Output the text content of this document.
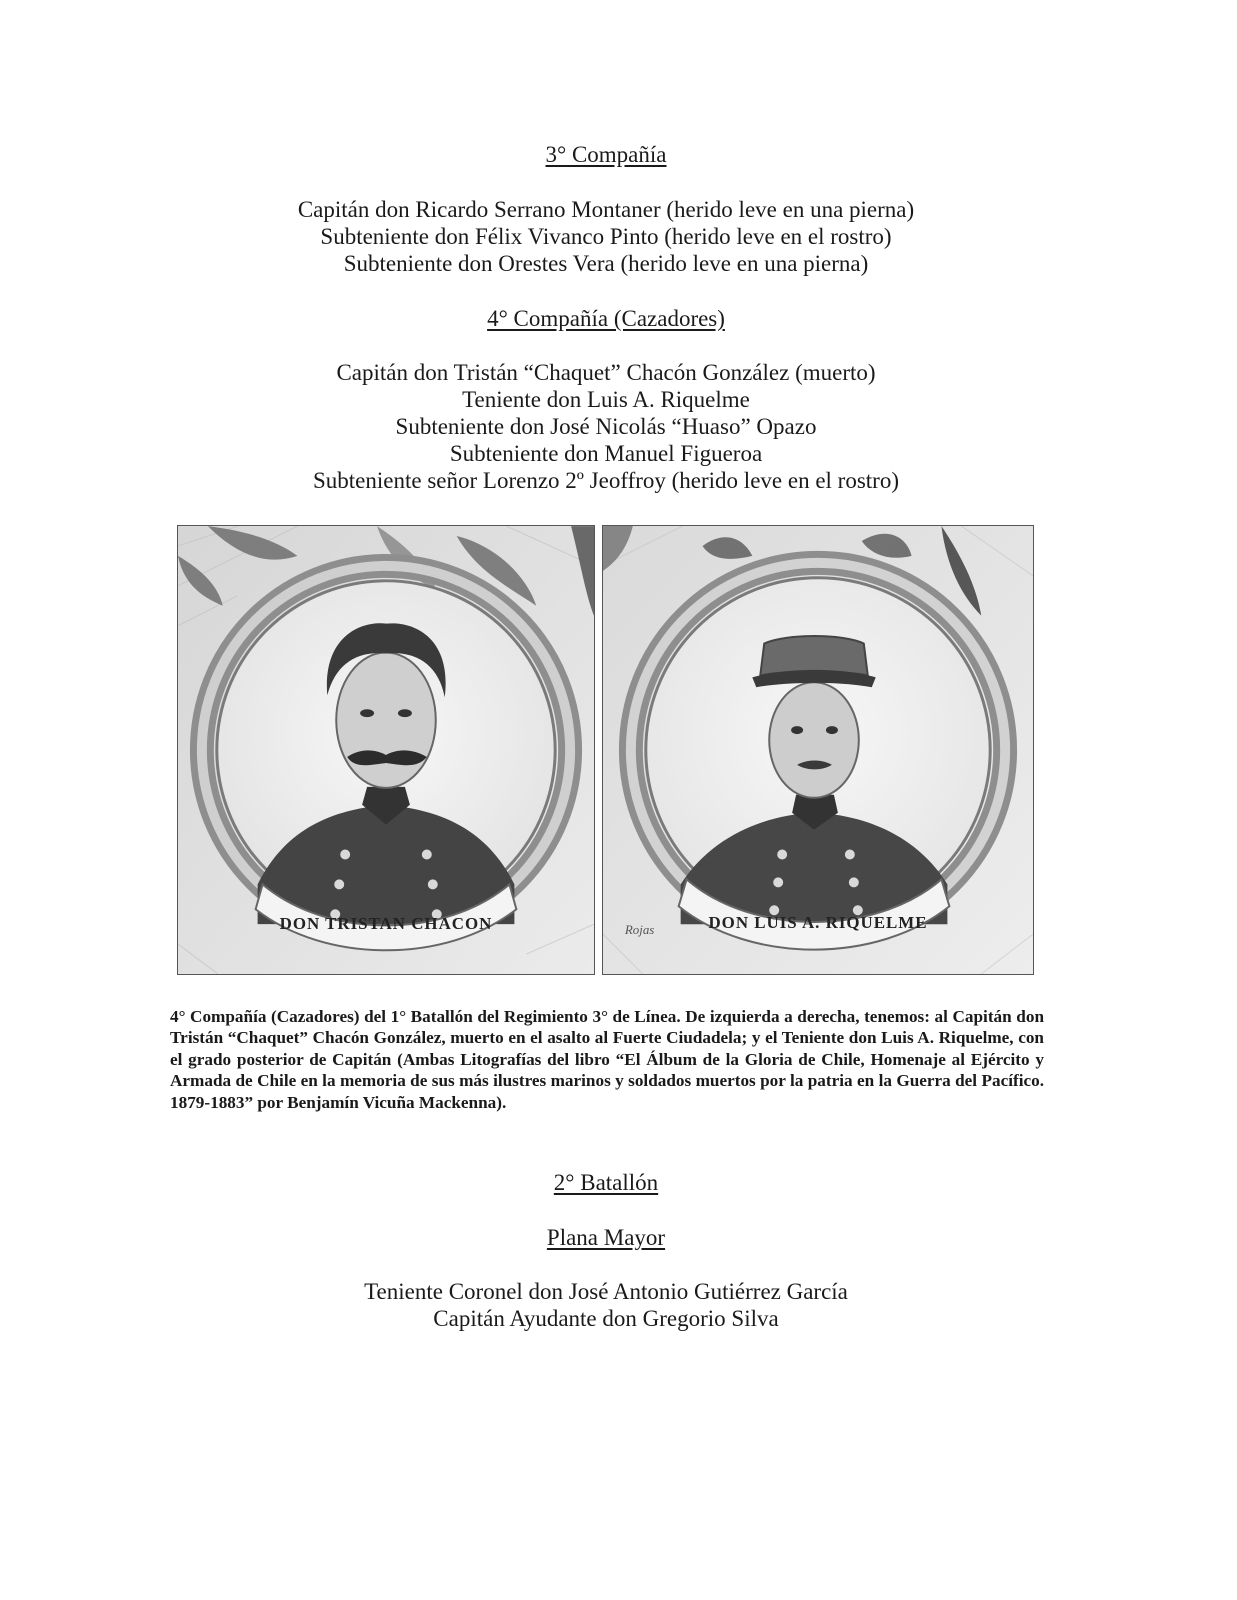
3° Compañía
Capitán don Ricardo Serrano Montaner (herido leve en una pierna)
Subteniente don Félix Vivanco Pinto (herido leve en el rostro)
Subteniente don Orestes Vera (herido leve en una pierna)
4° Compañía (Cazadores)
Capitán don Tristán “Chaquet” Chacón González (muerto)
Teniente don Luis A. Riquelme
Subteniente don José Nicolás “Huaso” Opazo
Subteniente don Manuel Figueroa
Subteniente señor Lorenzo 2º Jeoffroy (herido leve en el rostro)
DON TRISTAN CHACON	DON LUIS A. RIQUELME
Rojas

4° Compañía (Cazadores) del 1° Batallón del Regimiento 3° de Línea. De izquierda a derecha, tenemos: al Capitán don Tristán “Chaquet” Chacón González, muerto en el asalto al Fuerte Ciudadela; y el Teniente don Luis A. Riquelme, con el grado posterior de Capitán (Ambas Litografías del libro “El Álbum de la Gloria de Chile, Homenaje al Ejército y Armada de Chile en la memoria de sus más ilustres marinos y soldados muertos por la patria en la Guerra del Pacífico. 1879-1883” por Benjamín Vicuña Mackenna).

2° Batallón
Plana Mayor
Teniente Coronel don José Antonio Gutiérrez García
Capitán Ayudante don Gregorio Silva
